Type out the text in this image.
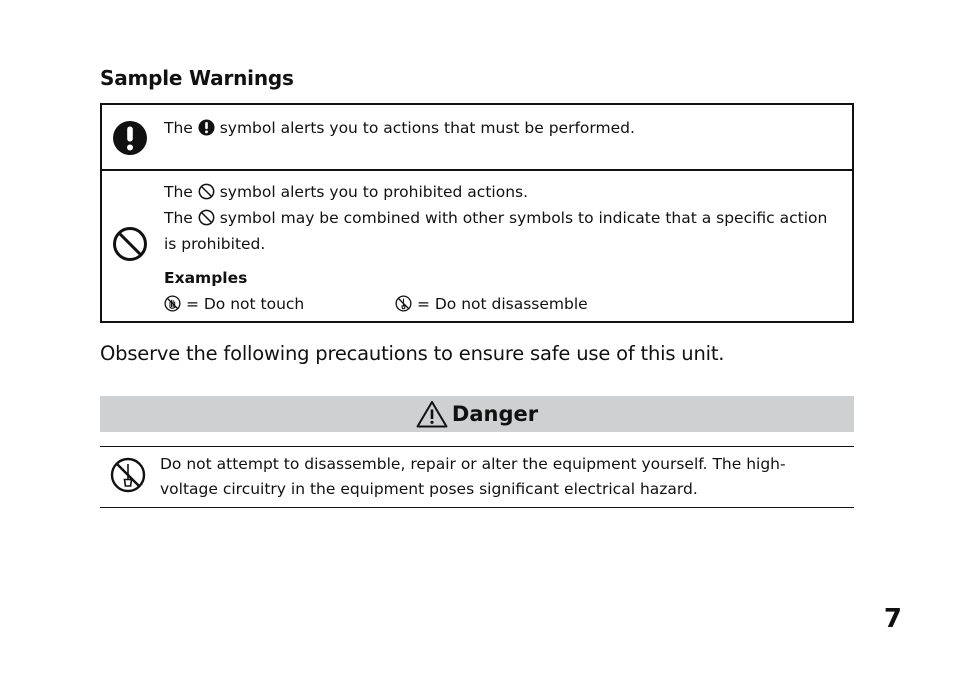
Sample Warnings
The symbol alerts you to actions that must be performed.
The symbol alerts you to prohibited actions.
The symbol may be combined with other symbols to indicate that a specific action is prohibited.
Examples
= Do not touch	= Do not disassemble
Observe the following precautions to ensure safe use of this unit.
Danger
Do not attempt to disassemble, repair or alter the equipment yourself. The high-voltage circuitry in the equipment poses significant electrical hazard.
7
